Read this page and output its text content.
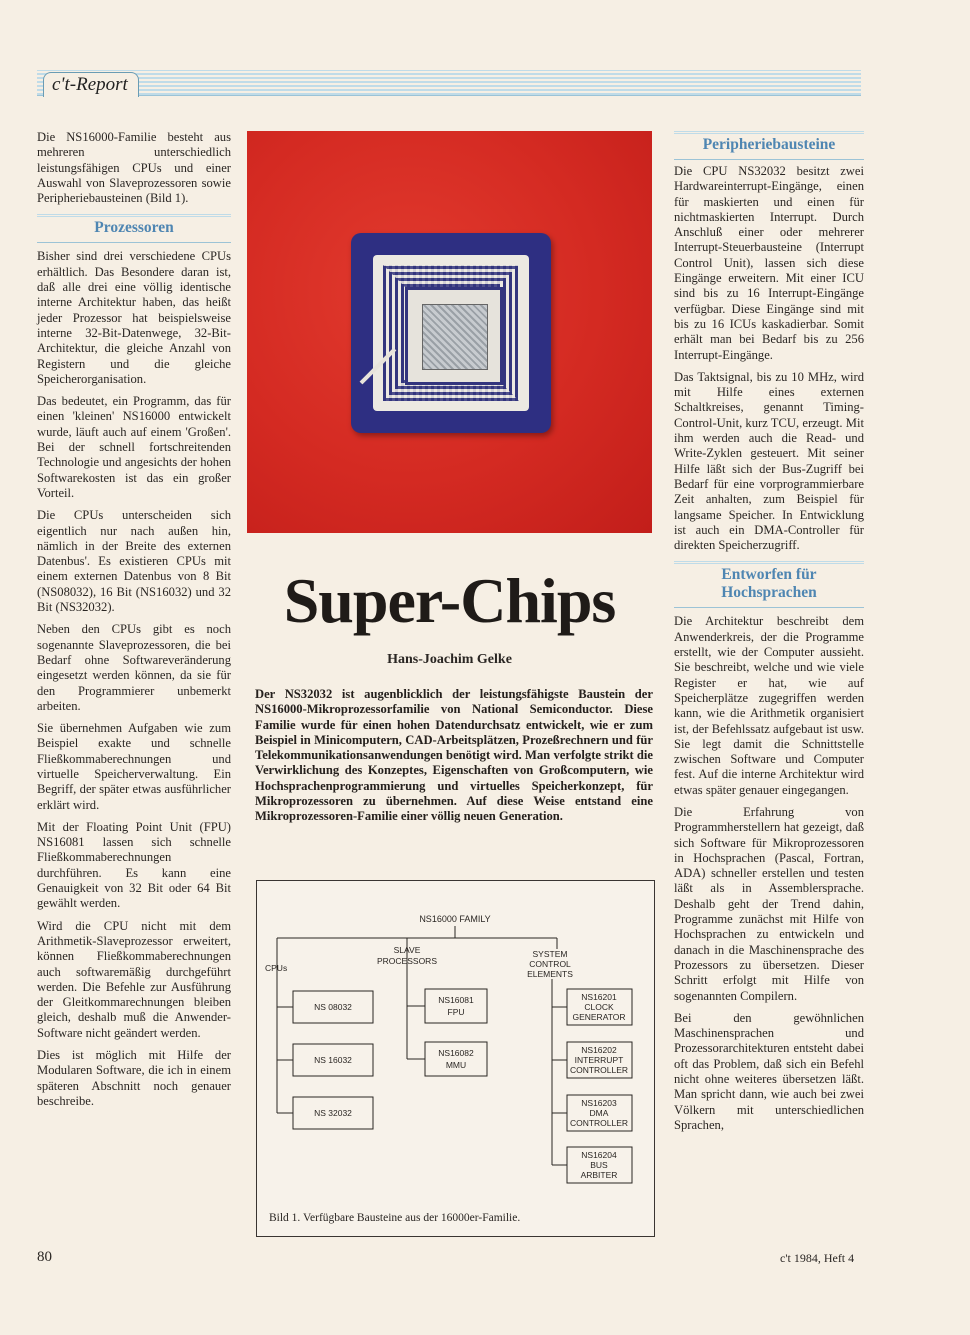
c't-Report

Die NS16000-Familie besteht aus mehreren unterschiedlich leistungsfähigen CPUs und einer Auswahl von Slaveprozessoren sowie Peripheriebausteinen (Bild 1).

Prozessoren

Bisher sind drei verschiedene CPUs erhältlich. Das Besondere daran ist, daß alle drei eine völlig identische interne Architektur haben, das heißt jeder Prozessor hat beispielsweise interne 32-Bit-Datenwege, 32-Bit-Architektur, die gleiche Anzahl von Registern und die gleiche Speicherorganisation.

Das bedeutet, ein Programm, das für einen 'kleinen' NS16000 entwickelt wurde, läuft auch auf einem 'Großen'. Bei der schnell fortschreitenden Technologie und angesichts der hohen Softwarekosten ist das ein großer Vorteil.

Die CPUs unterscheiden sich eigentlich nur nach außen hin, nämlich in der Breite des externen Datenbus'. Es existieren CPUs mit einem externen Datenbus von 8 Bit (NS08032), 16 Bit (NS16032) und 32 Bit (NS32032).

Neben den CPUs gibt es noch sogenannte Slaveprozessoren, die bei Bedarf ohne Softwareveränderung eingesetzt werden können, da sie für den Programmierer unbemerkt arbeiten.

Sie übernehmen Aufgaben wie zum Beispiel exakte und schnelle Fließkommaberechnungen und virtuelle Speicherverwaltung. Ein Begriff, der später etwas ausführlicher erklärt wird.

Mit der Floating Point Unit (FPU) NS16081 lassen sich schnelle Fließkommaberechnungen durchführen. Es kann eine Genauigkeit von 32 Bit oder 64 Bit gewählt werden.

Wird die CPU nicht mit dem Arithmetik-Slaveprozessor erweitert, können Fließkommaberechnungen auch softwaremäßig durchgeführt werden. Die Befehle zur Ausführung der Gleitkommarechnungen bleiben gleich, deshalb muß die Anwender-Software nicht geändert werden.

Dies ist möglich mit Hilfe der Modularen Software, die ich in einem späteren Abschnitt noch genauer beschreibe.

Super-Chips
Hans-Joachim Gelke
Der NS32032 ist augenblicklich der leistungsfähigste Baustein der NS16000-Mikroprozessorfamilie von National Semiconductor. Diese Familie wurde für einen hohen Datendurchsatz entwickelt, wie er zum Beispiel in Minicomputern, CAD-Arbeitsplätzen, Prozeßrechnern und für Telekommunikationsanwendungen benötigt wird. Man verfolgte strikt die Verwirklichung des Konzeptes, Eigenschaften von Großcomputern, wie Hochsprachenprogrammierung und virtuelles Speicherkonzept, für Mikroprozessoren zu übernehmen. Auf diese Weise entstand eine Mikroprozessoren-Familie einer völlig neuen Generation.
NS16000 FAMILY
CPUs
SLAVE
PROCESSORS
SYSTEM
CONTROL
ELEMENTS
NS 08032
NS 16032
NS 32032
NS16081
FPU
NS16082
MMU
NS16201
CLOCK
GENERATOR
NS16202
INTERRUPT
CONTROLLER
NS16203
DMA
CONTROLLER
NS16204
BUS
ARBITER
Bild 1. Verfügbare Bausteine aus der 16000er-Familie.
Peripheriebausteine

Die CPU NS32032 besitzt zwei Hardwareinterrupt-Eingänge, einen für maskierten und einen für nichtmaskierten Interrupt. Durch Anschluß einer oder mehrerer Interrupt-Steuerbausteine (Interrupt Control Unit), lassen sich diese Eingänge erweitern. Mit einer ICU sind bis zu 16 Interrupt-Eingänge verfügbar. Diese Eingänge sind mit bis zu 16 ICUs kaskadierbar. Somit erhält man bei Bedarf bis zu 256 Interrupt-Eingänge.

Das Taktsignal, bis zu 10 MHz, wird mit Hilfe eines externen Schaltkreises, genannt Timing-Control-Unit, kurz TCU, erzeugt. Mit ihm werden auch die Read- und Write-Zyklen gesteuert. Mit seiner Hilfe läßt sich der Bus-Zugriff bei Bedarf für eine vorprogrammierbare Zeit anhalten, zum Beispiel für langsame Speicher. In Entwicklung ist auch ein DMA-Controller für direkten Speicherzugriff.

Entworfen für
Hochsprachen

Die Architektur beschreibt dem Anwenderkreis, der die Programme erstellt, wie der Computer aussieht. Sie beschreibt, welche und wie viele Register er hat, wie auf Speicherplätze zugegriffen werden kann, wie die Arithmetik organisiert ist, der Befehlssatz aufgebaut ist usw. Sie legt damit die Schnittstelle zwischen Software und Computer fest. Auf die interne Architektur wird etwas später genauer eingegangen.

Die Erfahrung von Programmherstellern hat gezeigt, daß sich Software für Mikroprozessoren in Hochsprachen (Pascal, Fortran, ADA) schneller erstellen und testen läßt als in Assemblersprache. Deshalb geht der Trend dahin, Programme zunächst mit Hilfe von Hochsprachen zu entwickeln und danach in die Maschinensprache des Prozessors zu übersetzen. Dieser Schritt erfolgt mit Hilfe von sogenannten Compilern.

Bei den gewöhnlichen Maschinensprachen und Prozessorarchitekturen entsteht dabei oft das Problem, daß sich ein Befehl nicht ohne weiteres übersetzen läßt. Man spricht dann, wie auch bei zwei Völkern mit unterschiedlichen Sprachen,

80	c't 1984, Heft 4
